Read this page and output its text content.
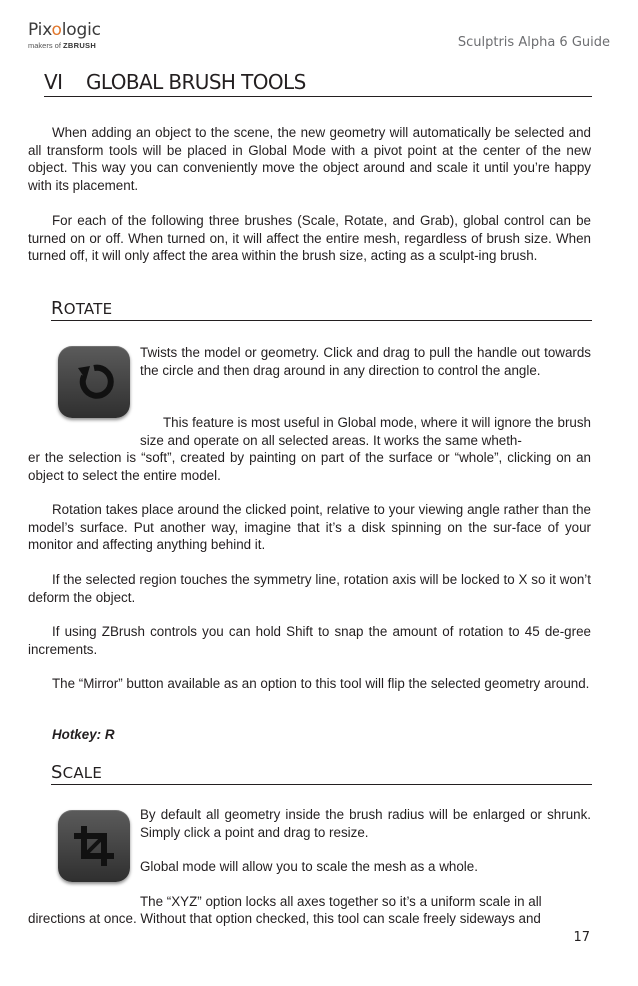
Pixologic
makers of ZBRUSH	Sculptris Alpha 6 Guide
VI GLOBAL BRUSH TOOLS

When adding an object to the scene, the new geometry will automatically be selected and all transform tools will be placed in Global Mode with a pivot point at the center of the new object. This way you can conveniently move the object around and scale it until you’re happy with its placement.

For each of the following three brushes (Scale, Rotate, and Grab), global control can be turned on or off. When turned on, it will affect the entire mesh, regardless of brush size. When turned off, it will only affect the area within the brush size, acting as a sculpt-ing brush.

ROTATE

Twists the model or geometry. Click and drag to pull the handle out towards the circle and then drag around in any direction to control the angle.

This feature is most useful in Global mode, where it will ignore the brush size and operate on all selected areas. It works the same wheth-

er the selection is “soft”, created by painting on part of the surface or “whole”, clicking on an object to select the entire model.

Rotation takes place around the clicked point, relative to your viewing angle rather than the model’s surface. Put another way, imagine that it’s a disk spinning on the sur-face of your monitor and affecting anything behind it.

If the selected region touches the symmetry line, rotation axis will be locked to X so it won’t deform the object.

If using ZBrush controls you can hold Shift to snap the amount of rotation to 45 de-gree increments.

The “Mirror” button available as an option to this tool will flip the selected geometry around.

Hotkey: R

SCALE

By default all geometry inside the brush radius will be enlarged or shrunk. Simply click a point and drag to resize.

Global mode will allow you to scale the mesh as a whole.

The “XYZ” option locks all axes together so it’s a uniform scale in all

directions at once. Without that option checked, this tool can scale freely sideways and

17
